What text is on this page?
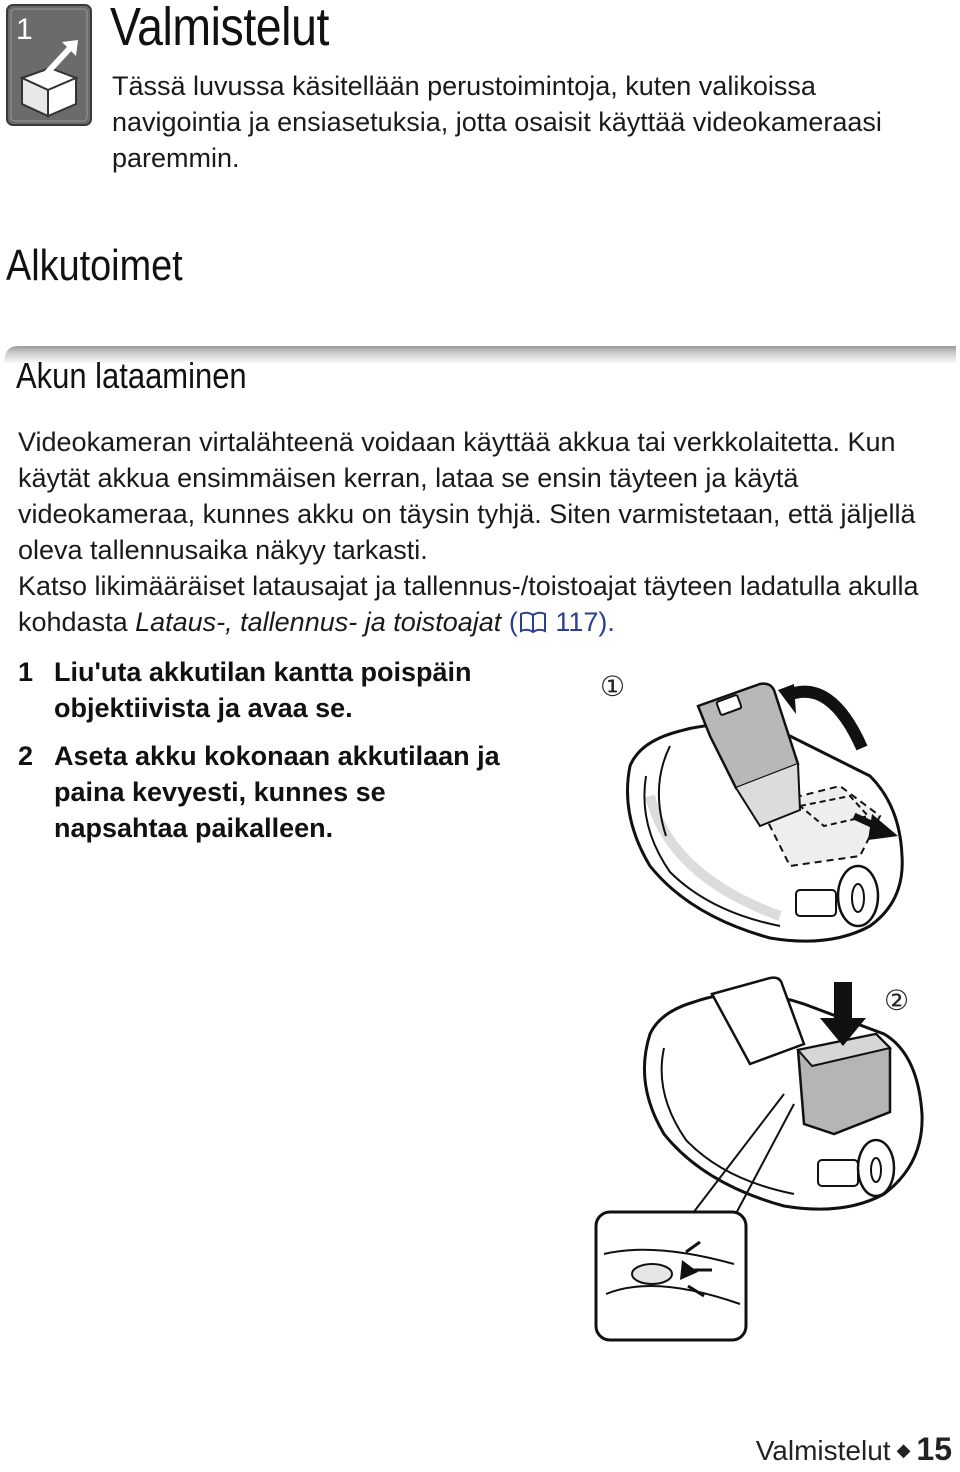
1 Valmistelut
Tässä luvussa käsitellään perustoimintoja, kuten valikoissa navigointia ja ensiasetuksia, jotta osaisit käyttää videokameraasi paremmin.
Alkutoimet
Akun lataaminen

Videokameran virtalähteenä voidaan käyttää akkua tai verkkolaitetta. Kun käytät akkua ensimmäisen kerran, lataa se ensin täyteen ja käytä videokameraa, kunnes akku on täysin tyhjä. Siten varmistetaan, että jäljellä oleva tallennusaika näkyy tarkasti.

Katso likimääräiset latausajat ja tallennus-/toistoajat täyteen ladatulla akulla kohdasta Lataus-, tallennus- ja toistoajat ( 117).

1 Liu'uta akkutilan kantta poispäin
objektiivista ja avaa se.
2 Aseta akku kokonaan akkutilaan ja
paina kevyesti, kunnes se
napsahtaa paikalleen.
①
②
Valmistelut ◆ 15
